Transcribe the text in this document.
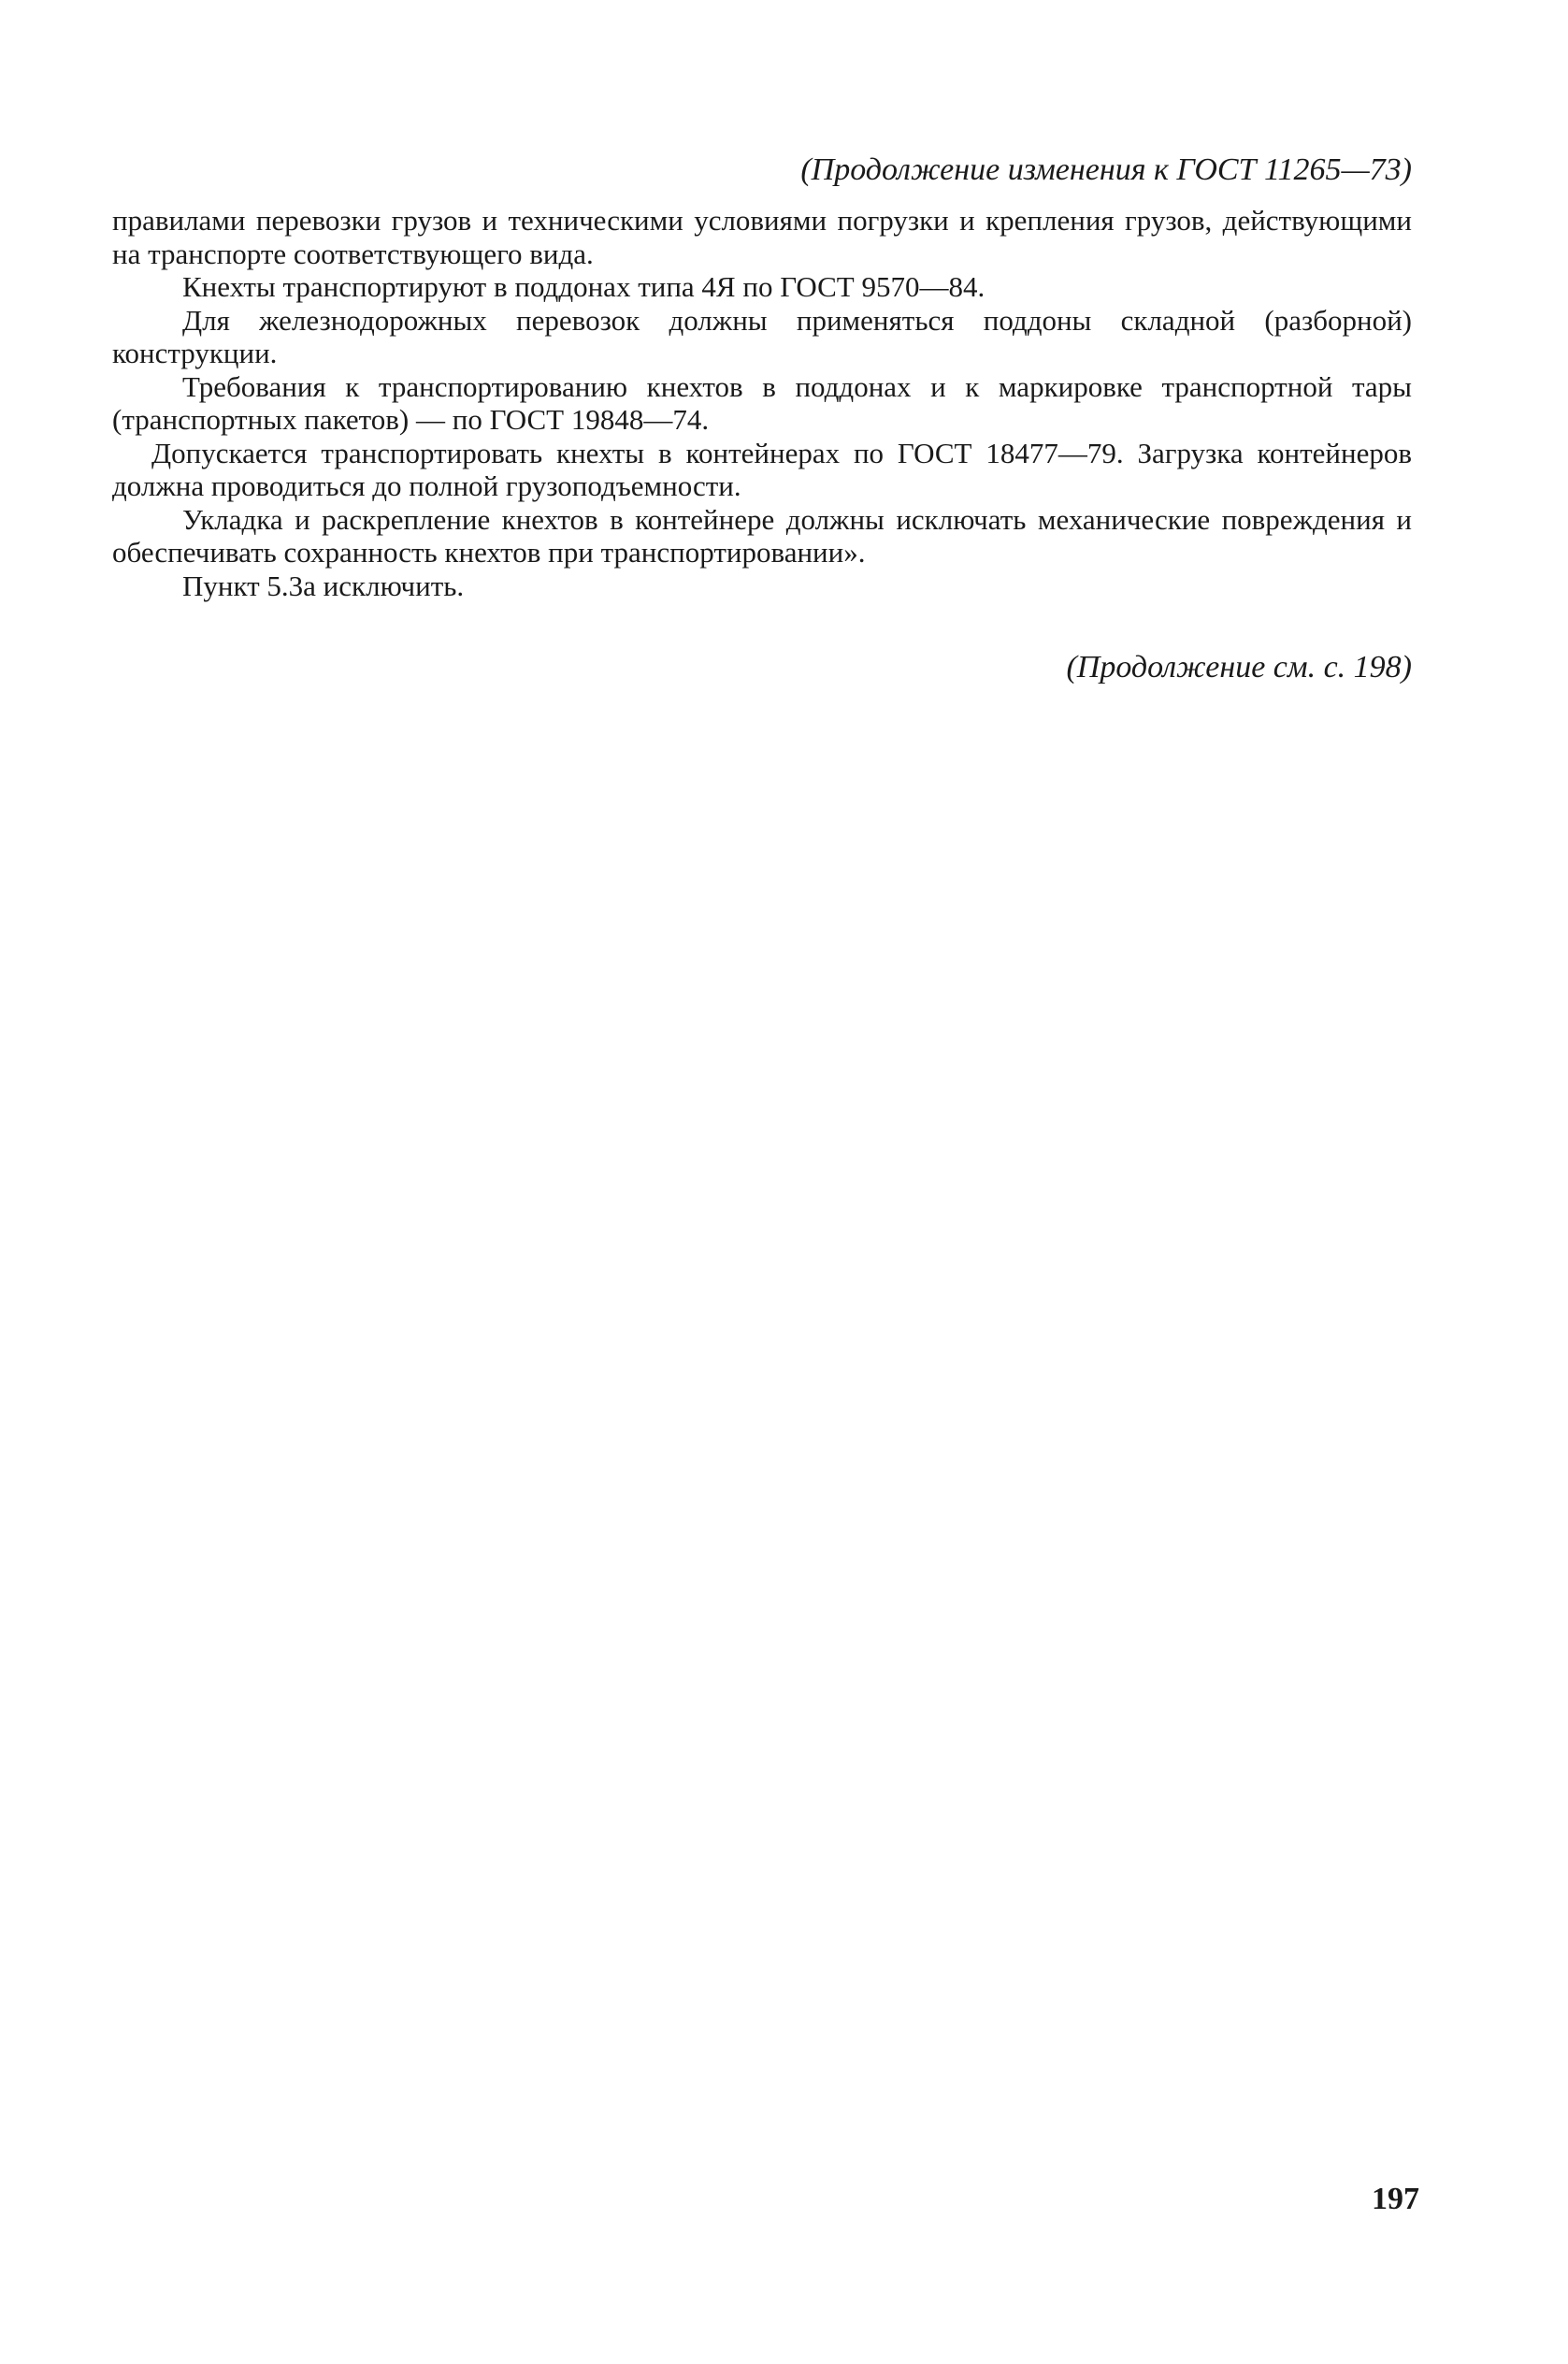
(Продолжение изменения к ГОСТ 11265—73)

правилами перевозки грузов и техническими условиями погрузки и крепления грузов, действующими на транспорте соответствующего вида.

Кнехты транспортируют в поддонах типа 4Я по ГОСТ 9570—84.

Для железнодорожных перевозок должны применяться поддоны складной (разборной) конструкции.

Требования к транспортированию кнехтов в поддонах и к маркировке транспортной тары (транспортных пакетов) — по ГОСТ 19848—74.

Допускается транспортировать кнехты в контейнерах по ГОСТ 18477—79. Загрузка контейнеров должна проводиться до полной грузоподъемности.

Укладка и раскрепление кнехтов в контейнере должны исключать механические повреждения и обеспечивать сохранность кнехтов при транспортировании».

Пункт 5.3а исключить.

(Продолжение см. с. 198)
197
